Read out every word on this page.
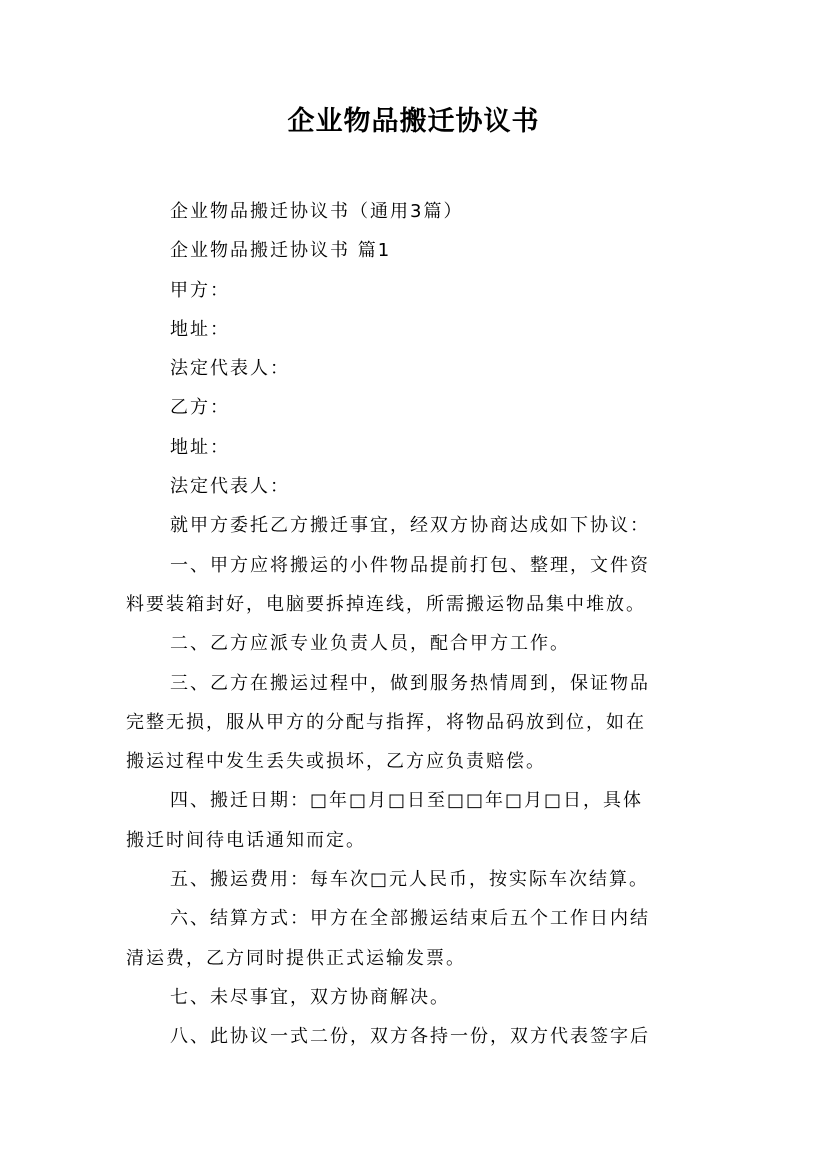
企业物品搬迁协议书

企业物品搬迁协议书（通用3篇）

企业物品搬迁协议书 篇1

甲方：

地址：

法定代表人：

乙方：

地址：

法定代表人：

就甲方委托乙方搬迁事宜，经双方协商达成如下协议：

一、甲方应将搬运的小件物品提前打包、整理，文件资
料要装箱封好，电脑要拆掉连线，所需搬运物品集中堆放。

二、乙方应派专业负责人员，配合甲方工作。

三、乙方在搬运过程中，做到服务热情周到，保证物品
完整无损，服从甲方的分配与指挥，将物品码放到位，如在
搬运过程中发生丢失或损坏，乙方应负责赔偿。
四、搬迁日期：□年□月□日至□□年□月□日，具体
搬迁时间待电话通知而定。

五、搬运费用：每车次□元人民币，按实际车次结算。

六、结算方式：甲方在全部搬运结束后五个工作日内结
清运费，乙方同时提供正式运输发票。

七、未尽事宜，双方协商解决。

八、此协议一式二份，双方各持一份，双方代表签字后
